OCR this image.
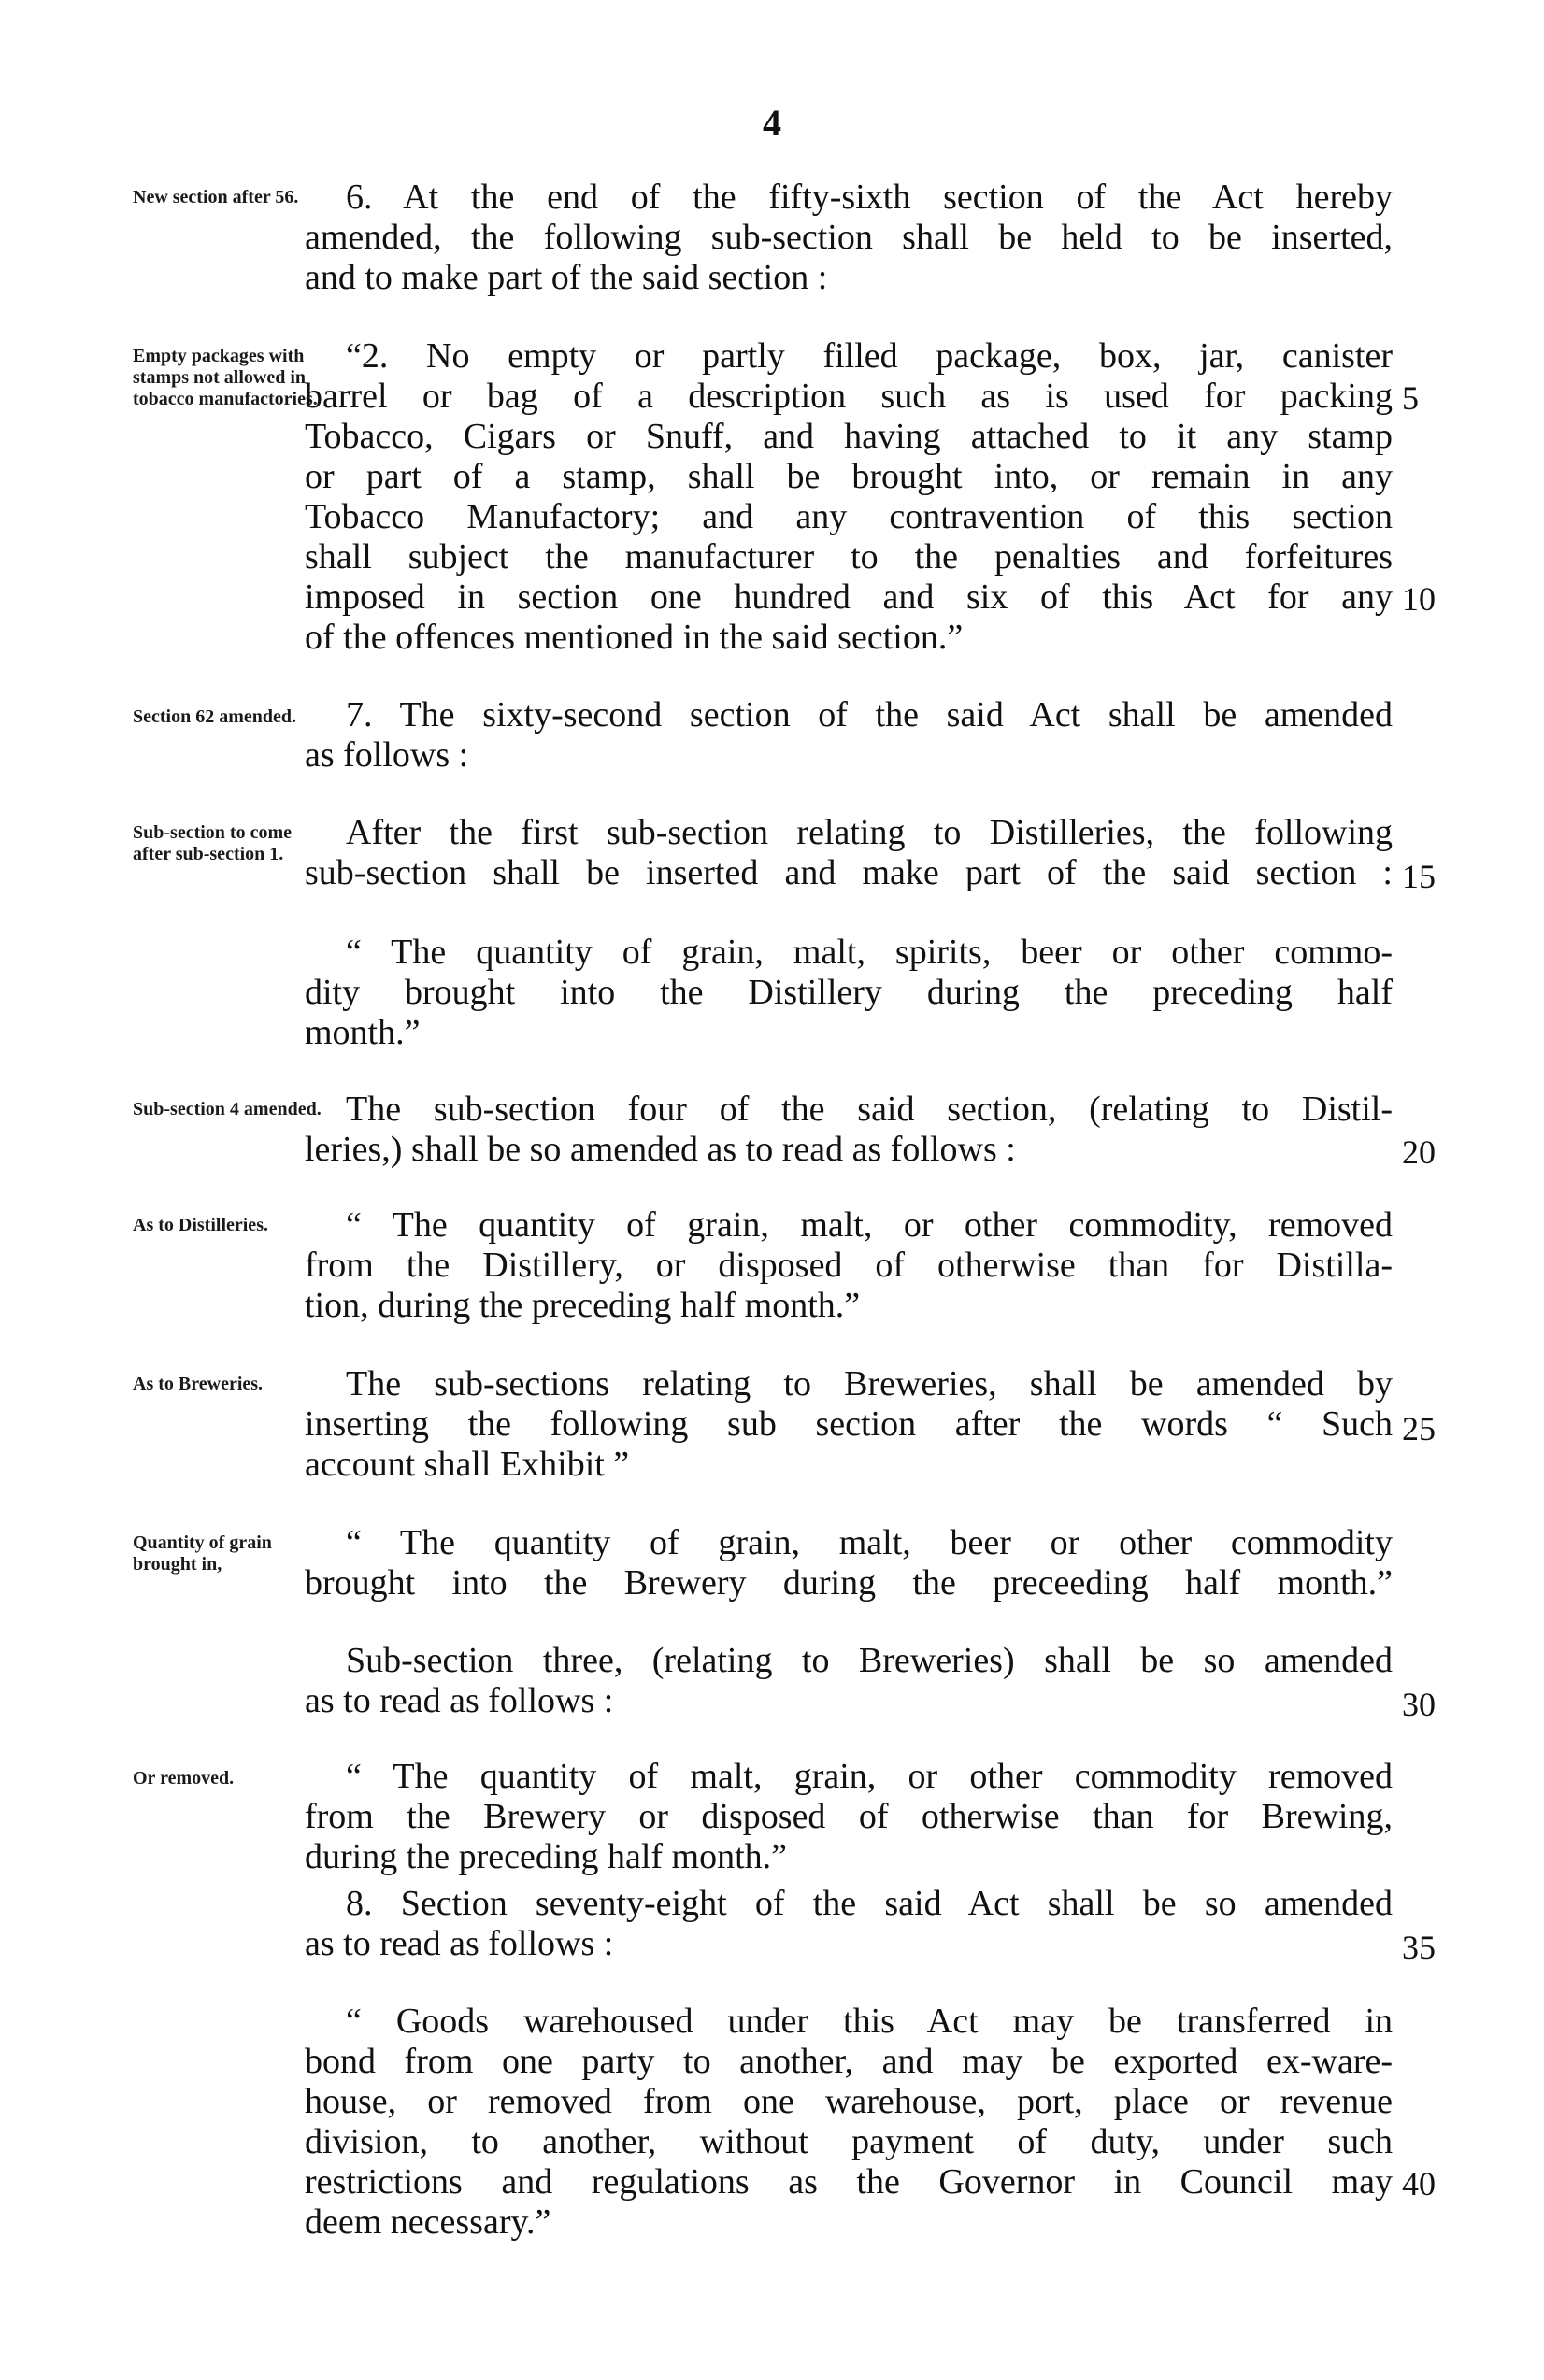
4
New section after 56.	6. At the end of the fifty-sixth section of the Act hereby
amended, the following sub-section shall be held to be inserted,
and to make part of the said section :
Empty packages with stamps not allowed in tobacco manufactories.
“2. No empty or partly filled package, box, jar, canister
barrel or bag of a description such as is used for packing
Tobacco, Cigars or Snuff, and having attached to it any stamp
or part of a stamp, shall be brought into, or remain in any
Tobacco Manufactory; and any contravention of this section
shall subject the manufacturer to the penalties and forfeitures
imposed in section one hundred and six of this Act for any
of the offences mentioned in the said section.”
5
10
Section 62 amended.	7. The sixty-second section of the said Act shall be amended
as follows :
Sub-section to come after sub-section 1.
After the first sub-section relating to Distilleries, the following
sub-section shall be inserted and make part of the said section : 15
“ The quantity of grain, malt, spirits, beer or other commo-
dity brought into the Distillery during the preceding half
month.”
Sub-section 4 amended. The sub-section four of the said section, (relating to Distil-
leries,) shall be so amended as to read as follows :	20
As to Distilleries.	“ The quantity of grain, malt, or other commodity, removed
from the Distillery, or disposed of otherwise than for Distilla-
tion, during the preceding half month.”
As to Breweries.	The sub-sections relating to Breweries, shall be amended by
inserting the following sub section after the words “ Such
account shall Exhibit ”
25
Quantity of grain brought in,
“ The quantity of grain, malt, beer or other commodity
brought into the Brewery during the preceeding half month.”
Sub-section three, (relating to Breweries) shall be so amended
as to read as follows :	30
Or removed.	“ The quantity of malt, grain, or other commodity removed
from the Brewery or disposed of otherwise than for Brewing,
during the preceding half month.”
8. Section seventy-eight of the said Act shall be so amended
as to read as follows :	35
“ Goods warehoused under this Act may be transferred in
bond from one party to another, and may be exported ex-ware-
house, or removed from one warehouse, port, place or revenue
division, to another, without payment of duty, under such
restrictions and regulations as the Governor in Council may
deem necessary.”
40
